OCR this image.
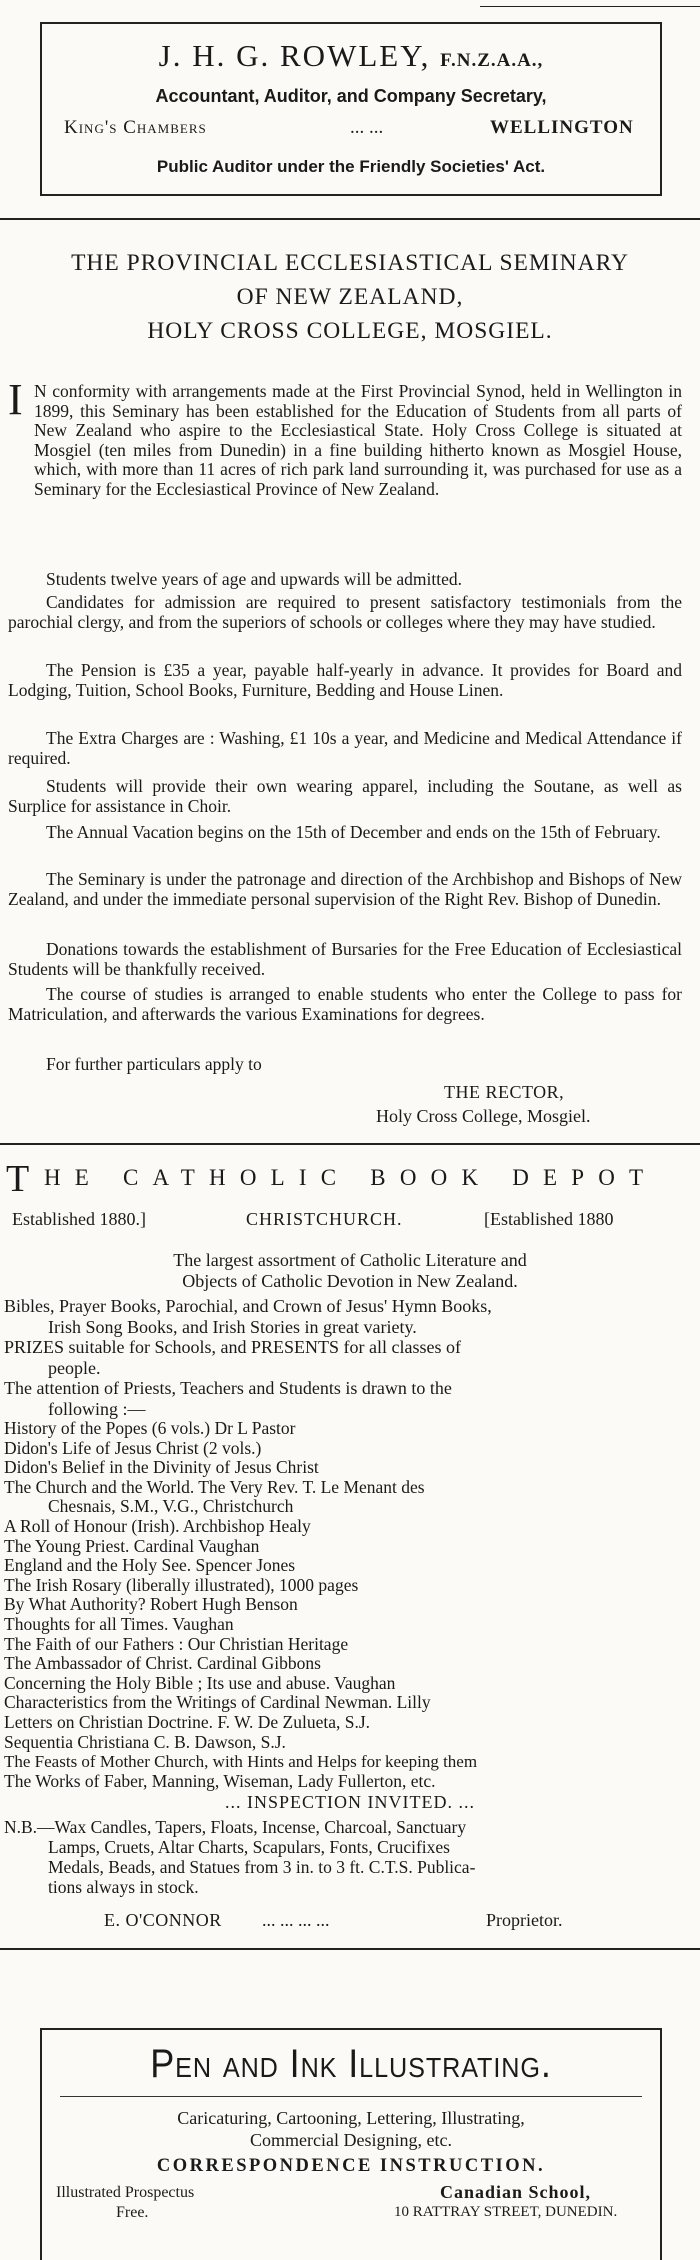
J. H. G. ROWLEY, F.N.Z.A.A.,
Accountant, Auditor, and Company Secretary,
King's Chambers	... ...	WELLINGTON
Public Auditor under the Friendly Societies' Act.
THE PROVINCIAL ECCLESIASTICAL SEMINARY
OF NEW ZEALAND,
HOLY CROSS COLLEGE, MOSGIEL.
I N conformity with arrangements made at the First Provincial Synod, held in Wellington in 1899, this Seminary has been established for the Education of Students from all parts of New Zealand who aspire to the Ecclesiastical State. Holy Cross College is situated at Mosgiel (ten miles from Dunedin) in a fine building hitherto known as Mosgiel House, which, with more than 11 acres of rich park land surrounding it, was purchased for use as a Seminary for the Ecclesiastical Province of New Zealand.
Students twelve years of age and upwards will be admitted.
Candidates for admission are required to present satisfactory testimonials from the parochial clergy, and from the superiors of schools or colleges where they may have studied.
The Pension is £35 a year, payable half-yearly in advance. It provides for Board and Lodging, Tuition, School Books, Furniture, Bedding and House Linen.
The Extra Charges are : Washing, £1 10s a year, and Medicine and Medical Attendance if required.
Students will provide their own wearing apparel, including the Soutane, as well as Surplice for assistance in Choir.
The Annual Vacation begins on the 15th of December and ends on the 15th of February.
The Seminary is under the patronage and direction of the Archbishop and Bishops of New Zealand, and under the immediate personal supervision of the Right Rev. Bishop of Dunedin.
Donations towards the establishment of Bursaries for the Free Education of Ecclesiastical Students will be thankfully received.
The course of studies is arranged to enable students who enter the College to pass for Matriculation, and afterwards the various Examinations for degrees.
For further particulars apply to
THE RECTOR,
Holy Cross College, Mosgiel.
T HE CATHOLIC BOOK DEPOT
Established 1880.]	CHRISTCHURCH.	[Established 1880
The largest assortment of Catholic Literature and
Objects of Catholic Devotion in New Zealand.
Bibles, Prayer Books, Parochial, and Crown of Jesus' Hymn Books,
Irish Song Books, and Irish Stories in great variety.
PRIZES suitable for Schools, and PRESENTS for all classes of
people.
The attention of Priests, Teachers and Students is drawn to the
following :—
History of the Popes (6 vols.) Dr L Pastor
Didon's Life of Jesus Christ (2 vols.)
Didon's Belief in the Divinity of Jesus Christ
The Church and the World. The Very Rev. T. Le Menant des
Chesnais, S.M., V.G., Christchurch
A Roll of Honour (Irish). Archbishop Healy
The Young Priest. Cardinal Vaughan
England and the Holy See. Spencer Jones
The Irish Rosary (liberally illustrated), 1000 pages
By What Authority? Robert Hugh Benson
Thoughts for all Times. Vaughan
The Faith of our Fathers : Our Christian Heritage
The Ambassador of Christ. Cardinal Gibbons
Concerning the Holy Bible ; Its use and abuse. Vaughan
Characteristics from the Writings of Cardinal Newman. Lilly
Letters on Christian Doctrine. F. W. De Zulueta, S.J.
Sequentia Christiana C. B. Dawson, S.J.
The Feasts of Mother Church, with Hints and Helps for keeping them
The Works of Faber, Manning, Wiseman, Lady Fullerton, etc.
... INSPECTION INVITED. ...
N.B.—Wax Candles, Tapers, Floats, Incense, Charcoal, Sanctuary
Lamps, Cruets, Altar Charts, Scapulars, Fonts, Crucifixes
Medals, Beads, and Statues from 3 in. to 3 ft. C.T.S. Publica-
tions always in stock.
E. O'CONNOR ... ... ... ...	Proprietor.
Pen and Ink Illustrating.
Caricaturing, Cartooning, Lettering, Illustrating,
Commercial Designing, etc.
CORRESPONDENCE INSTRUCTION.
Illustrated Prospectus
Free.
Canadian School,
10 RATTRAY STREET, DUNEDIN.
